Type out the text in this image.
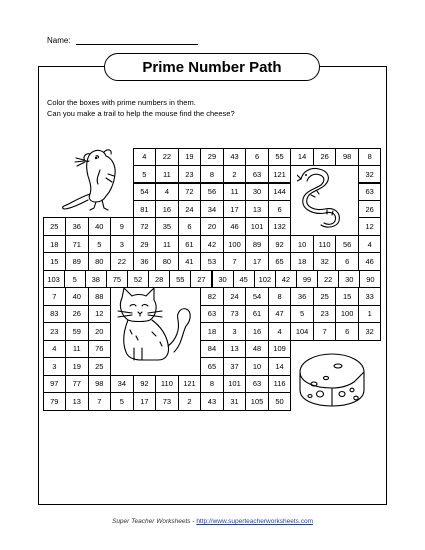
Name:
Prime Number Path
Color the boxes with prime numbers in them.
Can you make a trail to help the mouse find the cheese?
4	22	19	29	43	6	55	14	26	98	8
5	11	23	8	2	63	121	32
54	4	72	56	11	30	144	63
81	16	24	34	17	13	6	26
25	36	40	9	72	35	6	20	46	101	132	12
18	71	5	3	29	11	61	42	100	89	92	10	110	56	4
15	89	80	22	36	80	41	53	7	17	65	18	32	6	46
103	5	38	75	52	28	55	27	30	45	102	42	99	22	30	90
7	40	88	82	24	54	8	36	25	15	33
83	26	12	63	73	61	47	5	23	100	1
23	59	20	18	3	16	4	104	7	6	32
4	11	76	84	13	48	109
3	19	25	65	37	10	14
97	77	98	34	92	110	121	8	101	63	116
79	13	7	5	17	73	2	43	31	105	50
Super Teacher Worksheets - http://www.superteacherworksheets.com
